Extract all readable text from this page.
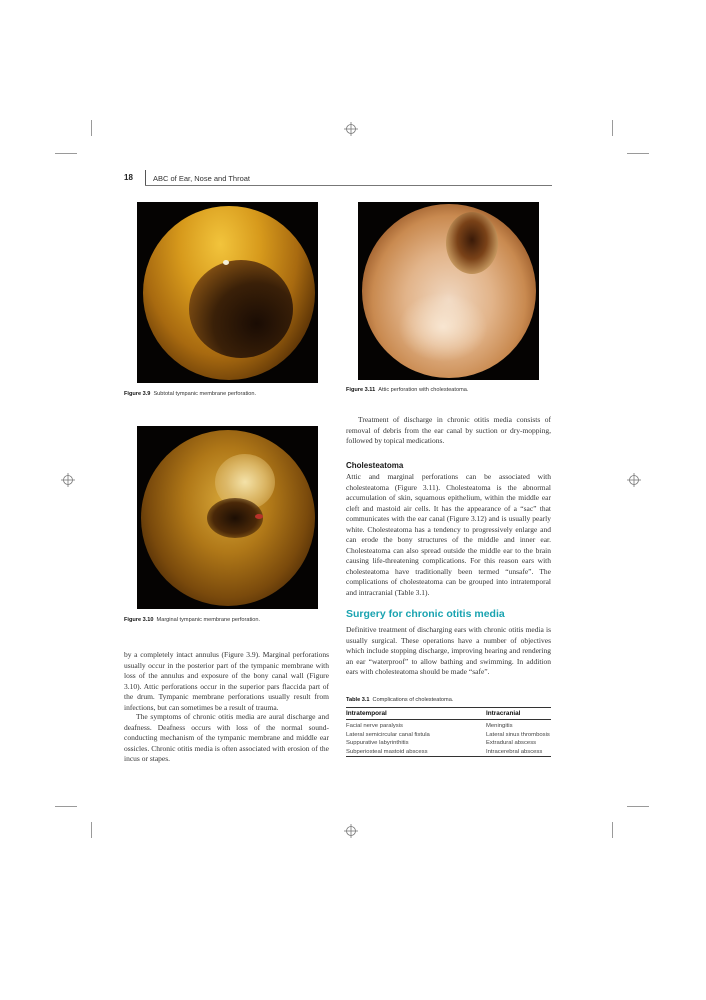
18	ABC of Ear, Nose and Throat
Figure 3.9 Subtotal tympanic membrane perforation.
Figure 3.11 Attic perforation with cholesteatoma.
Figure 3.10 Marginal tympanic membrane perforation.

by a completely intact annulus (Figure 3.9). Marginal perforations usually occur in the posterior part of the tympanic membrane with loss of the annulus and exposure of the bony canal wall (Figure 3.10). Attic perforations occur in the superior pars flaccida part of the drum. Tympanic membrane perforations usually result from infections, but can sometimes be a result of trauma.

The symptoms of chronic otitis media are aural discharge and deafness. Deafness occurs with loss of the normal sound-conducting mechanism of the tympanic membrane and middle ear ossicles. Chronic otitis media is often associated with erosion of the incus or stapes.

Treatment of discharge in chronic otitis media consists of removal of debris from the ear canal by suction or dry-mopping, followed by topical medications.

Cholesteatoma

Attic and marginal perforations can be associated with cholesteatoma (Figure 3.11). Cholesteatoma is the abnormal accumulation of skin, squamous epithelium, within the middle ear cleft and mastoid air cells. It has the appearance of a “sac” that communicates with the ear canal (Figure 3.12) and is usually pearly white. Cholesteatoma has a tendency to progressively enlarge and can erode the bony structures of the middle and inner ear. Cholesteatoma can also spread outside the middle ear to the brain causing life-threatening complications. For this reason ears with cholesteatoma have traditionally been termed “unsafe”. The complications of cholesteatoma can be grouped into intratemporal and intracranial (Table 3.1).

Surgery for chronic otitis media

Definitive treatment of discharging ears with chronic otitis media is usually surgical. These operations have a number of objectives which include stopping discharge, improving hearing and rendering an ear “waterproof” to allow bathing and swimming. In addition ears with cholesteatoma should be made “safe”.

Table 3.1 Complications of cholesteatoma.
Intratemporal	Intracranial
Facial nerve paralysis	Meningitis
Lateral semicircular canal fistula	Lateral sinus thrombosis
Suppurative labyrinthitis	Extradural abscess
Subperiosteal mastoid abscess	Intracerebral abscess
